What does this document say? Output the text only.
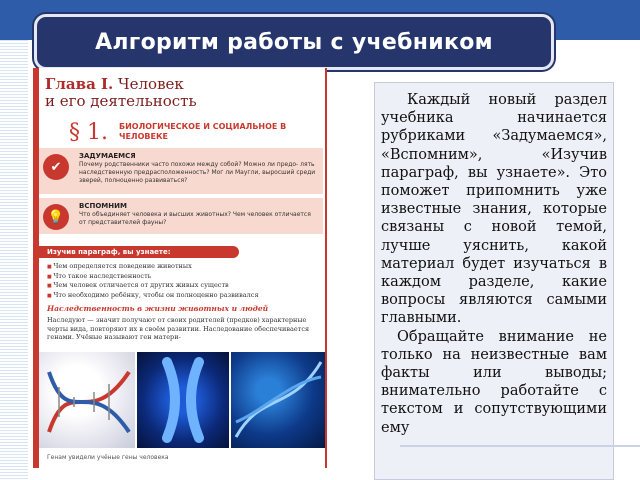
Алгоритм работы с учебником
Глава I. Человек
и его деятельность
§ 1. БИОЛОГИЧЕСКОЕ И СОЦИАЛЬНОЕ В ЧЕЛОВЕКЕ
✔
ЗАДУМАЕМСЯ
Почему родственники часто похожи между собой? Можно ли предо- лять наследственную предрасположенность? Мог ли Маугли, выросший среди зверей, полноценно развиваться?
💡
ВСПОМНИМ
Что объединяет человека и высших животных? Чем человек отличается от представителей фауны?
Изучив параграф, вы узнаете:
■ Чем определяется поведение животных
■ Что такое наследственность
■ Чем человек отличается от других живых существ
■ Что необходимо ребёнку, чтобы он полноценно развивался
Наследственность в жизни животных и людей
Наследуют — значит получают от своих родителей (предков) характерные черты вида, повторяют их в своём развитии. Наследование обеспечивается генами. Учёные называют ген матери-
Генам увидели учёные гены человека

Каждый новый раздел учебника начинается рубриками «Задумаемся», «Вспомним», «Изучив параграф, вы узнаете». Это поможет припомнить уже известные знания, которые связаны с новой темой, лучше уяснить, какой материал будет изучаться в каждом разделе, какие вопросы являются самыми главными.

Обращайте внимание не только на неизвестные вам факты или выводы; внимательно работайте с текстом и сопутствующими ему
